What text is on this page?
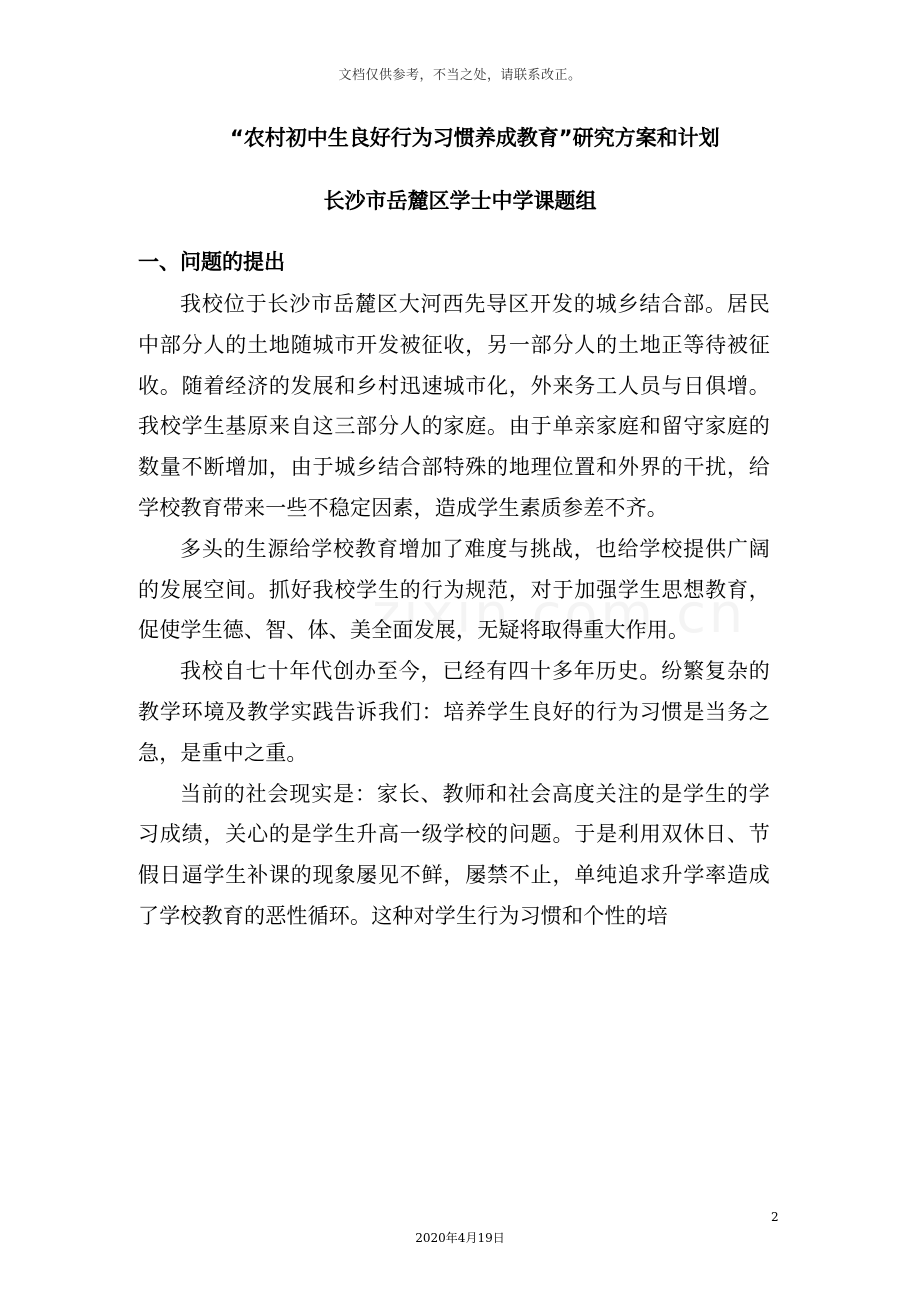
文档仅供参考，不当之处，请联系改正。
“农村初中生良好行为习惯养成教育”研究方案和计划
长沙市岳麓区学士中学课题组
一、问题的提出

我校位于长沙市岳麓区大河西先导区开发的城乡结合部。居民中部分人的土地随城市开发被征收，另一部分人的土地正等待被征收。随着经济的发展和乡村迅速城市化，外来务工人员与日俱增。我校学生基原来自这三部分人的家庭。由于单亲家庭和留守家庭的数量不断增加，由于城乡结合部特殊的地理位置和外界的干扰，给学校教育带来一些不稳定因素，造成学生素质参差不齐。

多头的生源给学校教育增加了难度与挑战，也给学校提供广阔的发展空间。抓好我校学生的行为规范，对于加强学生思想教育，促使学生德、智、体、美全面发展，无疑将取得重大作用。

我校自七十年代创办至今，已经有四十多年历史。纷繁复杂的教学环境及教学实践告诉我们：培养学生良好的行为习惯是当务之急，是重中之重。

当前的社会现实是：家长、教师和社会高度关注的是学生的学习成绩，关心的是学生升高一级学校的问题。于是利用双休日、节假日逼学生补课的现象屡见不鲜，屡禁不止，单纯追求升学率造成了学校教育的恶性循环。这种对学生行为习惯和个性的培

2
2020年4月19日
